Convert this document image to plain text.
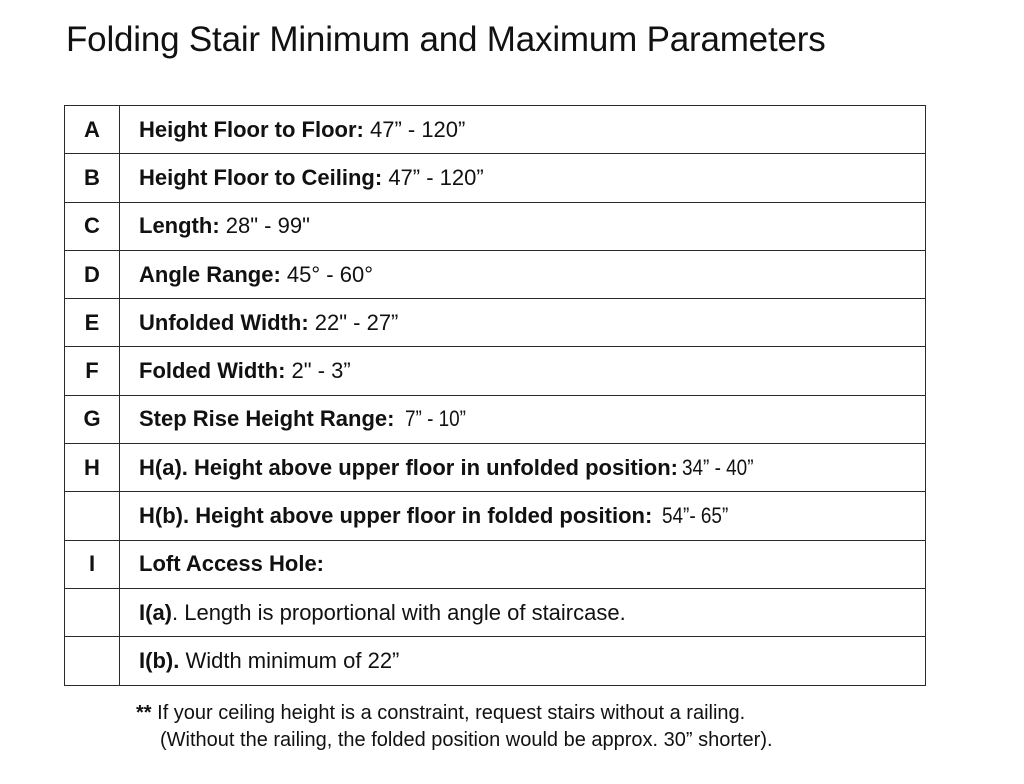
Folding Stair Minimum and Maximum Parameters
A	Height Floor to Floor: 47” - 120”
B	Height Floor to Ceiling: 47” - 120”
C	Length: 28" - 99"
D	Angle Range: 45° - 60°
E	Unfolded Width: 22" - 27”
F	Folded Width: 2" - 3”
G	Step Rise Height Range: 7” - 10”
H	H(a). Height above upper floor in unfolded position: 34” - 40”
	H(b). Height above upper floor in folded position: 54”- 65”
I	Loft Access Hole:
	I(a). Length is proportional with angle of staircase.
	I(b). Width minimum of 22”
** If your ceiling height is a constraint, request stairs without a railing.
(Without the railing, the folded position would be approx. 30” shorter).
